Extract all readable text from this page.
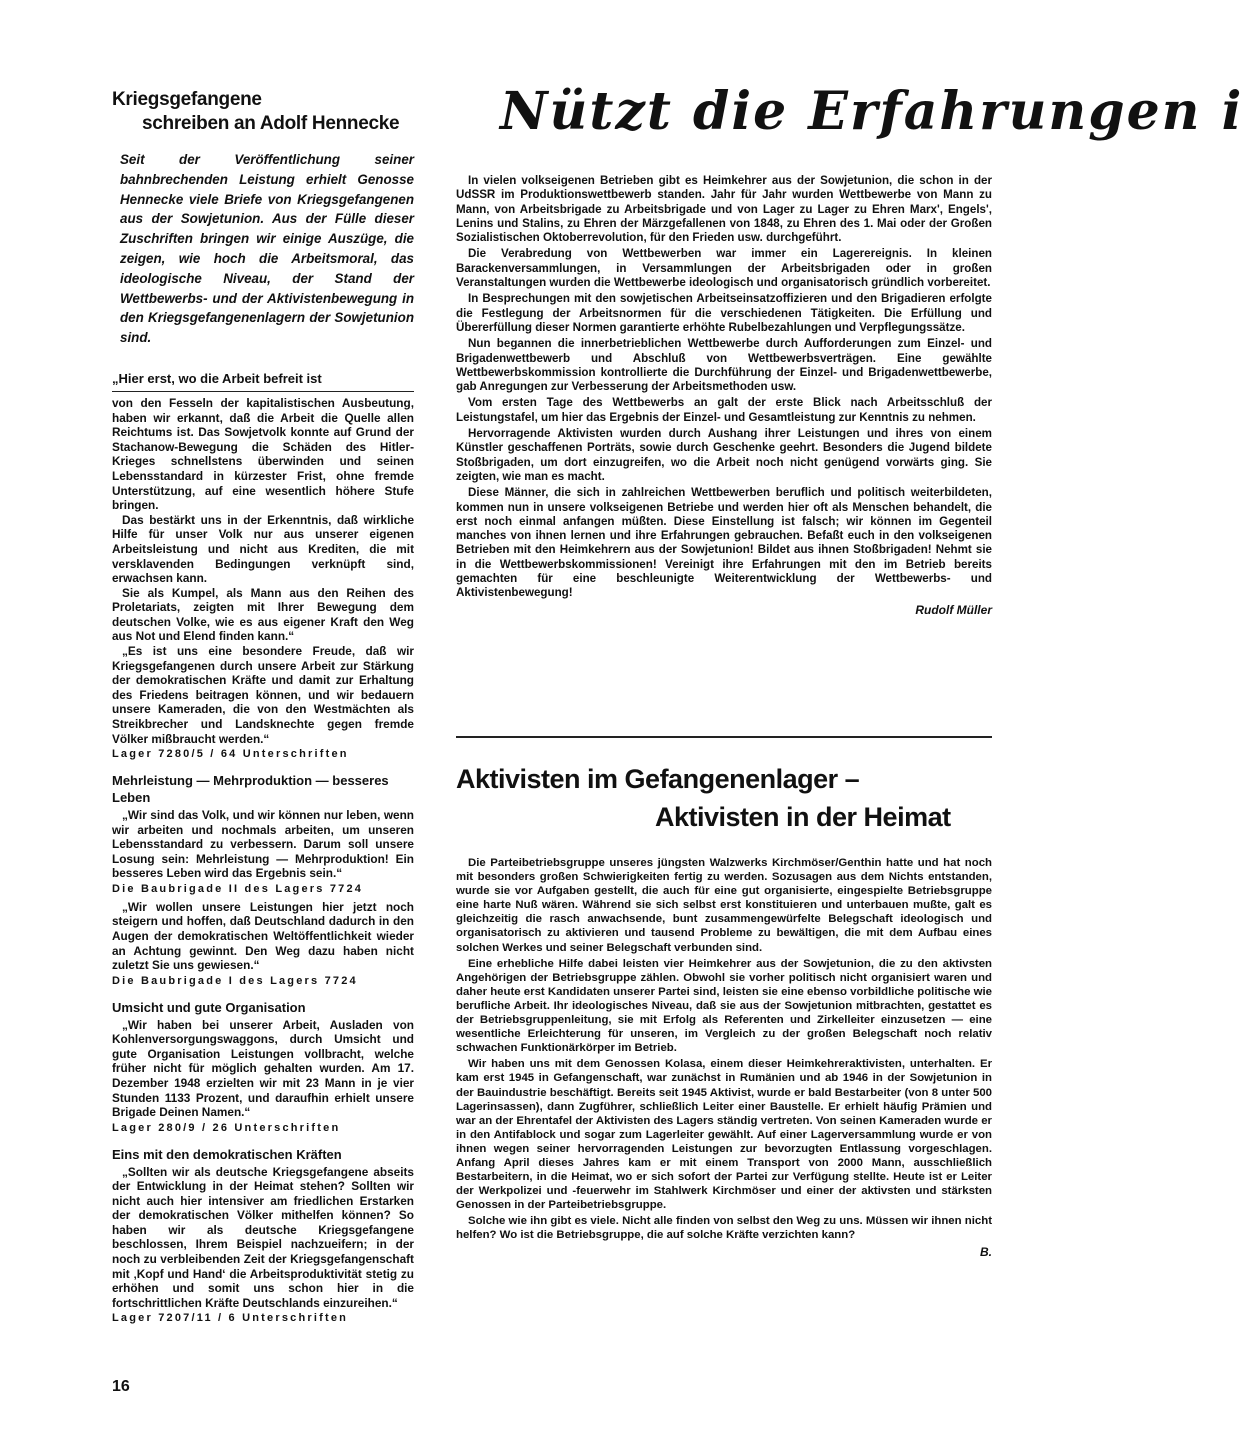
Kriegsgefangene
schreiben an Adolf Hennecke

Seit der Veröffentlichung seiner bahnbrechenden Leistung erhielt Genosse Hennecke viele Briefe von Kriegsgefangenen aus der Sowjetunion. Aus der Fülle dieser Zuschriften bringen wir einige Auszüge, die zeigen, wie hoch die Arbeitsmoral, das ideologische Niveau, der Stand der Wettbewerbs- und der Aktivistenbewegung in den Kriegsgefangenenlagern der Sowjetunion sind.

„Hier erst, wo die Arbeit befreit ist

von den Fesseln der kapitalistischen Ausbeutung, haben wir erkannt, daß die Arbeit die Quelle allen Reichtums ist. Das Sowjetvolk konnte auf Grund der Stachanow-Bewegung die Schäden des Hitler-Krieges schnellstens überwinden und seinen Lebensstandard in kürzester Frist, ohne fremde Unterstützung, auf eine wesentlich höhere Stufe bringen.

Das bestärkt uns in der Erkenntnis, daß wirkliche Hilfe für unser Volk nur aus unserer eigenen Arbeitsleistung und nicht aus Krediten, die mit versklavenden Bedingungen verknüpft sind, erwachsen kann.

Sie als Kumpel, als Mann aus den Reihen des Proletariats, zeigten mit Ihrer Bewegung dem deutschen Volke, wie es aus eigener Kraft den Weg aus Not und Elend finden kann.“

„Es ist uns eine besondere Freude, daß wir Kriegsgefangenen durch unsere Arbeit zur Stärkung der demokratischen Kräfte und damit zur Erhaltung des Friedens beitragen können, und wir bedauern unsere Kameraden, die von den Westmächten als Streikbrecher und Landsknechte gegen fremde Völker mißbraucht werden.“

Lager 7280/5 / 64 Unterschriften
Mehrleistung — Mehrproduktion — besseres Leben

„Wir sind das Volk, und wir können nur leben, wenn wir arbeiten und nochmals arbeiten, um unseren Lebensstandard zu verbessern. Darum soll unsere Losung sein: Mehrleistung — Mehrproduktion! Ein besseres Leben wird das Ergebnis sein.“

Die Baubrigade II des Lagers 7724

„Wir wollen unsere Leistungen hier jetzt noch steigern und hoffen, daß Deutschland dadurch in den Augen der demokratischen Weltöffentlichkeit wieder an Achtung gewinnt. Den Weg dazu haben nicht zuletzt Sie uns gewiesen.“

Die Baubrigade I des Lagers 7724
Umsicht und gute Organisation

„Wir haben bei unserer Arbeit, Ausladen von Kohlenversorgungswaggons, durch Umsicht und gute Organisation Leistungen vollbracht, welche früher nicht für möglich gehalten wurden. Am 17. Dezember 1948 erzielten wir mit 23 Mann in je vier Stunden 1133 Prozent, und daraufhin erhielt unsere Brigade Deinen Namen.“

Lager 280/9 / 26 Unterschriften
Eins mit den demokratischen Kräften

„Sollten wir als deutsche Kriegsgefangene abseits der Entwicklung in der Heimat stehen? Sollten wir nicht auch hier intensiver am friedlichen Erstarken der demokratischen Völker mithelfen können? So haben wir als deutsche Kriegsgefangene beschlossen, Ihrem Beispiel nachzueifern; in der noch zu verbleibenden Zeit der Kriegsgefangenschaft mit ‚Kopf und Hand‘ die Arbeitsproduktivität stetig zu erhöhen und somit uns schon hier in die fortschrittlichen Kräfte Deutschlands einzureihen.“

Lager 7207/11 / 6 Unterschriften
16
Nützt die Erfahrungen i

In vielen volkseigenen Betrieben gibt es Heimkehrer aus der Sowjetunion, die schon in der UdSSR im Produktionswettbewerb standen. Jahr für Jahr wurden Wettbewerbe von Mann zu Mann, von Arbeitsbrigade zu Arbeitsbrigade und von Lager zu Lager zu Ehren Marx', Engels', Lenins und Stalins, zu Ehren der Märzgefallenen von 1848, zu Ehren des 1. Mai oder der Großen Sozialistischen Oktoberrevolution, für den Frieden usw. durchgeführt.

Die Verabredung von Wettbewerben war immer ein Lagerereignis. In kleinen Barackenversammlungen, in Versammlungen der Arbeitsbrigaden oder in großen Veranstaltungen wurden die Wettbewerbe ideologisch und organisatorisch gründlich vorbereitet.

In Besprechungen mit den sowjetischen Arbeitseinsatzoffizieren und den Brigadieren erfolgte die Festlegung der Arbeitsnormen für die verschiedenen Tätigkeiten. Die Erfüllung und Übererfüllung dieser Normen garantierte erhöhte Rubelbezahlungen und Verpflegungssätze.

Nun begannen die innerbetrieblichen Wettbewerbe durch Aufforderungen zum Einzel- und Brigadenwettbewerb und Abschluß von Wettbewerbsverträgen. Eine gewählte Wettbewerbskommission kontrollierte die Durchführung der Einzel- und Brigadenwettbewerbe, gab Anregungen zur Verbesserung der Arbeitsmethoden usw.

Vom ersten Tage des Wettbewerbs an galt der erste Blick nach Arbeitsschluß der Leistungstafel, um hier das Ergebnis der Einzel- und Gesamtleistung zur Kenntnis zu nehmen.

Hervorragende Aktivisten wurden durch Aushang ihrer Leistungen und ihres von einem Künstler geschaffenen Porträts, sowie durch Geschenke geehrt. Besonders die Jugend bildete Stoßbrigaden, um dort einzugreifen, wo die Arbeit noch nicht genügend vorwärts ging. Sie zeigten, wie man es macht.

Diese Männer, die sich in zahlreichen Wettbewerben beruflich und politisch weiterbildeten, kommen nun in unsere volkseigenen Betriebe und werden hier oft als Menschen behandelt, die erst noch einmal anfangen müßten. Diese Einstellung ist falsch; wir können im Gegenteil manches von ihnen lernen und ihre Erfahrungen gebrauchen. Befaßt euch in den volkseigenen Betrieben mit den Heimkehrern aus der Sowjetunion! Bildet aus ihnen Stoßbrigaden! Nehmt sie in die Wettbewerbskommissionen! Vereinigt ihre Erfahrungen mit den im Betrieb bereits gemachten für eine beschleunigte Weiterentwicklung der Wettbewerbs- und Aktivistenbewegung!

Rudolf Müller
Aktivisten im Gefangenenlager –
Aktivisten in der Heimat

Die Parteibetriebsgruppe unseres jüngsten Walzwerks Kirchmöser/Genthin hatte und hat noch mit besonders großen Schwierigkeiten fertig zu werden. Sozusagen aus dem Nichts entstanden, wurde sie vor Aufgaben gestellt, die auch für eine gut organisierte, eingespielte Betriebsgruppe eine harte Nuß wären. Während sie sich selbst erst konstituieren und unterbauen mußte, galt es gleichzeitig die rasch anwachsende, bunt zusammengewürfelte Belegschaft ideologisch und organisatorisch zu aktivieren und tausend Probleme zu bewältigen, die mit dem Aufbau eines solchen Werkes und seiner Belegschaft verbunden sind.

Eine erhebliche Hilfe dabei leisten vier Heimkehrer aus der Sowjetunion, die zu den aktivsten Angehörigen der Betriebsgruppe zählen. Obwohl sie vorher politisch nicht organisiert waren und daher heute erst Kandidaten unserer Partei sind, leisten sie eine ebenso vorbildliche politische wie berufliche Arbeit. Ihr ideologisches Niveau, daß sie aus der Sowjetunion mitbrachten, gestattet es der Betriebsgruppenleitung, sie mit Erfolg als Referenten und Zirkelleiter einzusetzen — eine wesentliche Erleichterung für unseren, im Vergleich zu der großen Belegschaft noch relativ schwachen Funktionärkörper im Betrieb.

Wir haben uns mit dem Genossen Kolasa, einem dieser Heimkehreraktivisten, unterhalten. Er kam erst 1945 in Gefangenschaft, war zunächst in Rumänien und ab 1946 in der Sowjetunion in der Bauindustrie beschäftigt. Bereits seit 1945 Aktivist, wurde er bald Bestarbeiter (von 8 unter 500 Lagerinsassen), dann Zugführer, schließlich Leiter einer Baustelle. Er erhielt häufig Prämien und war an der Ehrentafel der Aktivisten des Lagers ständig vertreten. Von seinen Kameraden wurde er in den Antifablock und sogar zum Lagerleiter gewählt. Auf einer Lagerversammlung wurde er von ihnen wegen seiner hervorragenden Leistungen zur bevorzugten Entlassung vorgeschlagen. Anfang April dieses Jahres kam er mit einem Transport von 2000 Mann, ausschließlich Bestarbeitern, in die Heimat, wo er sich sofort der Partei zur Verfügung stellte. Heute ist er Leiter der Werkpolizei und -feuerwehr im Stahlwerk Kirchmöser und einer der aktivsten und stärksten Genossen in der Parteibetriebsgruppe.

Solche wie ihn gibt es viele. Nicht alle finden von selbst den Weg zu uns. Müssen wir ihnen nicht helfen? Wo ist die Betriebsgruppe, die auf solche Kräfte verzichten kann?

B.
